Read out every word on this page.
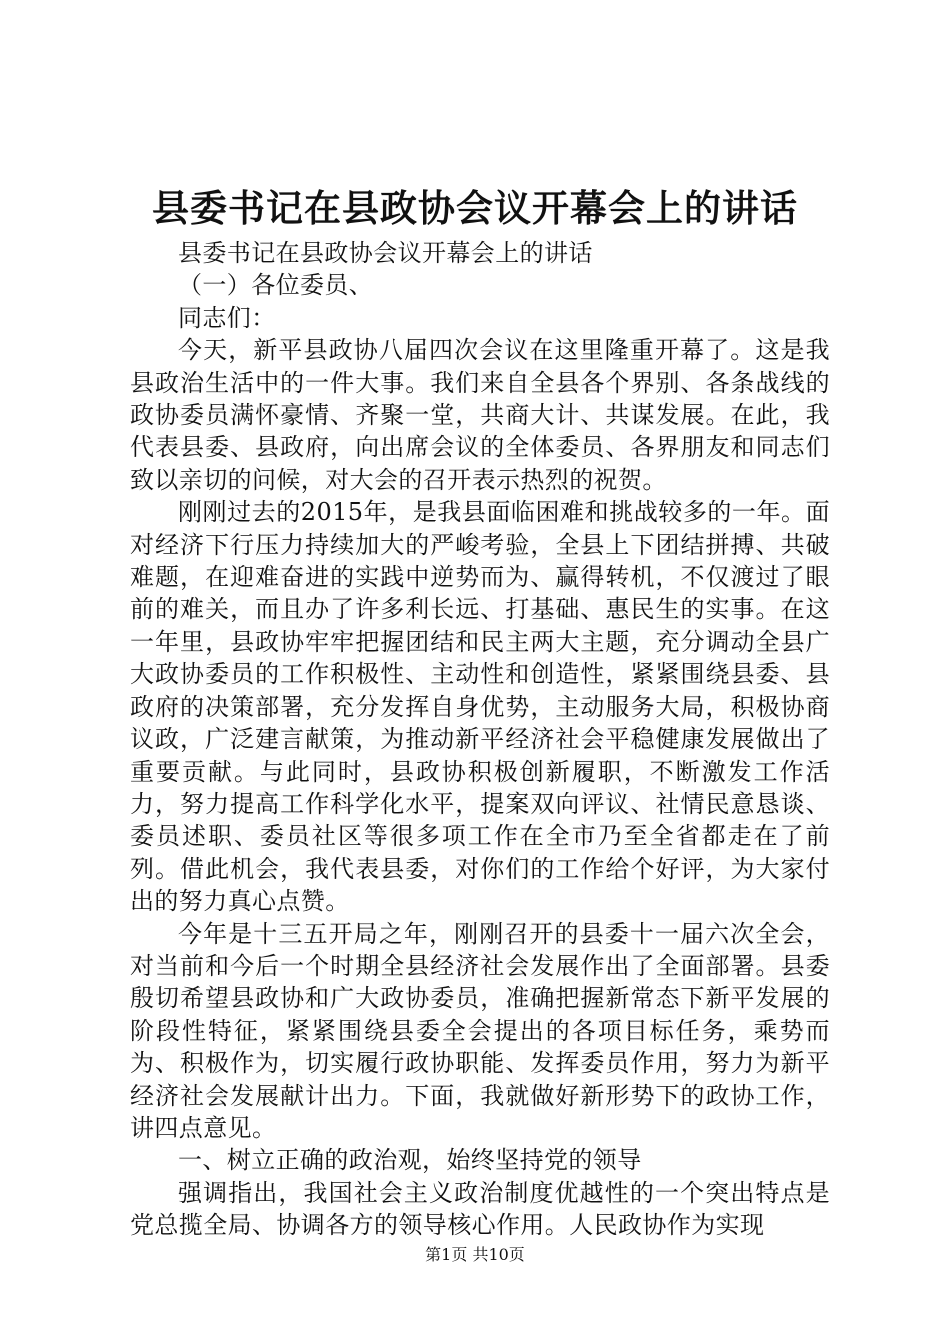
县委书记在县政协会议开幕会上的讲话

县委书记在县政协会议开幕会上的讲话

（一）各位委员、

同志们：

今天，新平县政协八届四次会议在这里隆重开幕了。这是我县政治生活中的一件大事。我们来自全县各个界别、各条战线的政协委员满怀豪情、齐聚一堂，共商大计、共谋发展。在此，我代表县委、县政府，向出席会议的全体委员、各界朋友和同志们致以亲切的问候，对大会的召开表示热烈的祝贺。

刚刚过去的2015年，是我县面临困难和挑战较多的一年。面对经济下行压力持续加大的严峻考验，全县上下团结拼搏、共破难题，在迎难奋进的实践中逆势而为、赢得转机，不仅渡过了眼前的难关，而且办了许多利长远、打基础、惠民生的实事。在这一年里，县政协牢牢把握团结和民主两大主题，充分调动全县广大政协委员的工作积极性、主动性和创造性，紧紧围绕县委、县政府的决策部署，充分发挥自身优势，主动服务大局，积极协商议政，广泛建言献策，为推动新平经济社会平稳健康发展做出了重要贡献。与此同时，县政协积极创新履职，不断激发工作活力，努力提高工作科学化水平，提案双向评议、社情民意恳谈、委员述职、委员社区等很多项工作在全市乃至全省都走在了前列。借此机会，我代表县委，对你们的工作给个好评，为大家付出的努力真心点赞。

今年是十三五开局之年，刚刚召开的县委十一届六次全会，对当前和今后一个时期全县经济社会发展作出了全面部署。县委殷切希望县政协和广大政协委员，准确把握新常态下新平发展的阶段性特征，紧紧围绕县委全会提出的各项目标任务，乘势而为、积极作为，切实履行政协职能、发挥委员作用，努力为新平经济社会发展献计出力。下面，我就做好新形势下的政协工作，讲四点意见。

一、树立正确的政治观，始终坚持党的领导

强调指出，我国社会主义政治制度优越性的一个突出特点是党总揽全局、协调各方的领导核心作用。人民政协作为实现

第1页 共10页
